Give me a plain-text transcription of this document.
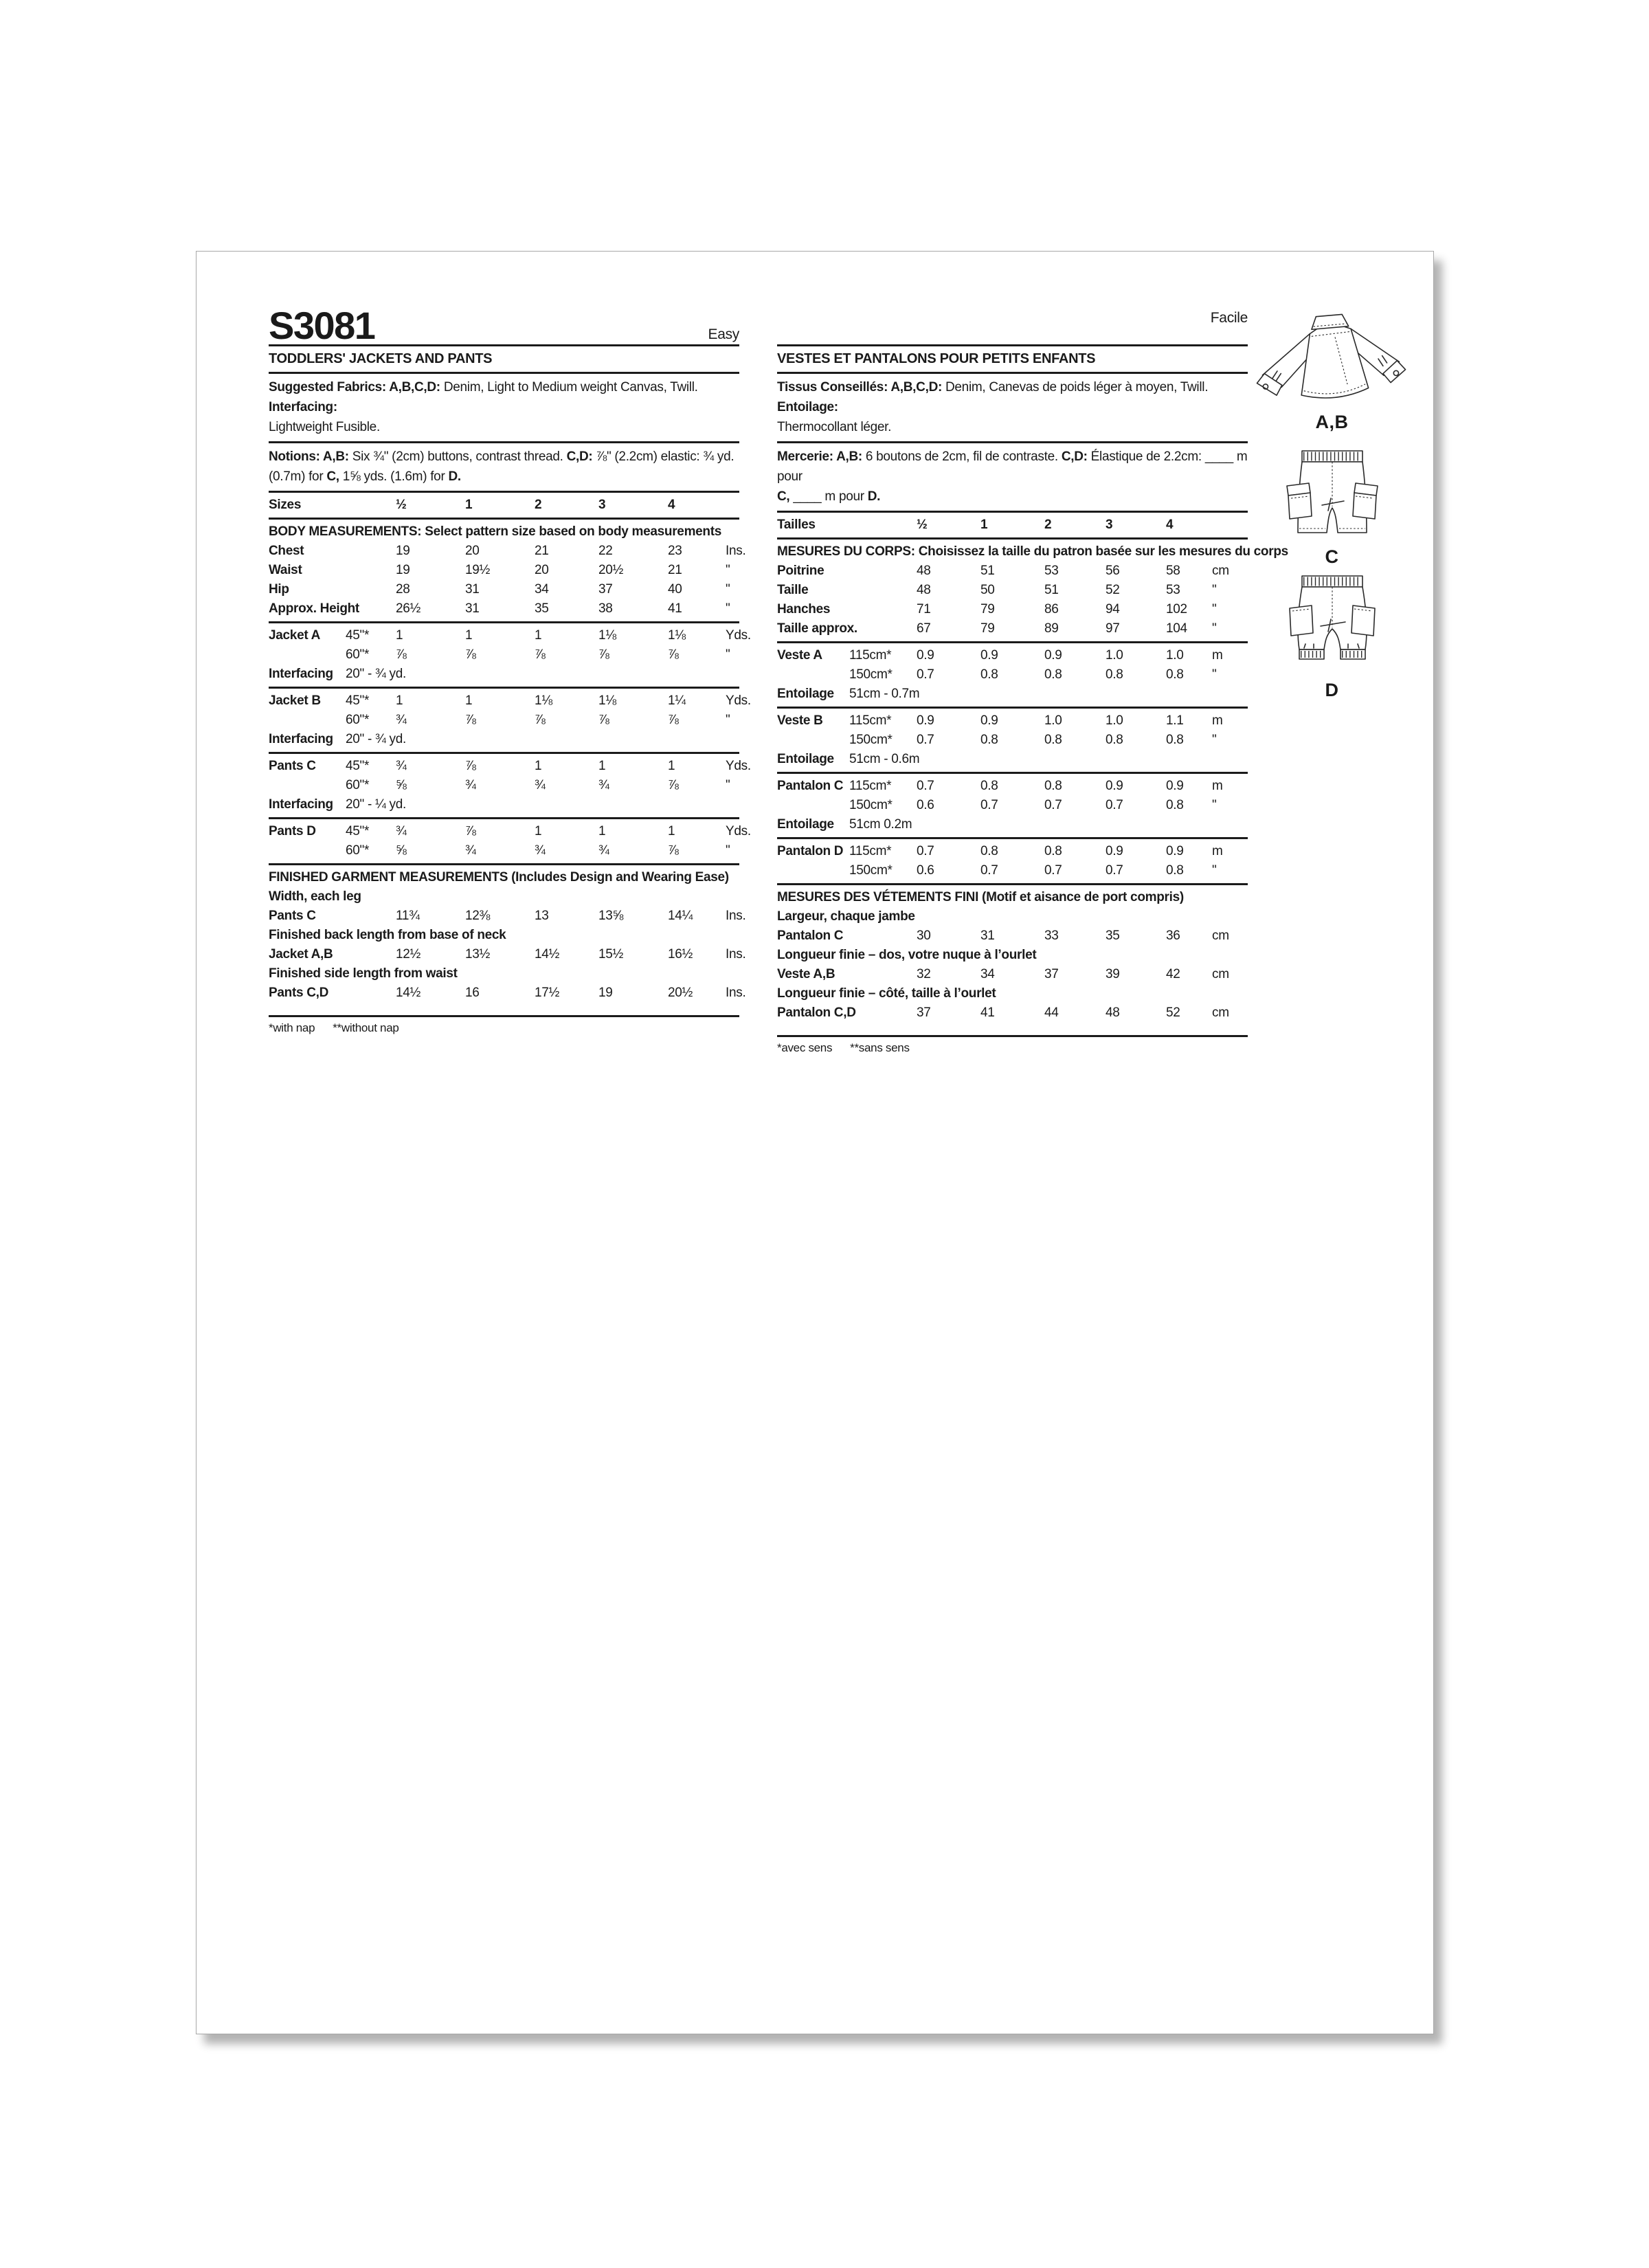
S3081	Easy
TODDLERS' JACKETS AND PANTS
Suggested Fabrics: A,B,C,D: Denim, Light to Medium weight Canvas, Twill. Interfacing:
Lightweight Fusible.
Notions: A,B: Six ¾" (2cm) buttons, contrast thread. C,D: ⅞" (2.2cm) elastic: ¾ yd.
(0.7m) for C, 1⅝ yds. (1.6m) for D.
Sizes	½	1	2	3	4
BODY MEASUREMENTS: Select pattern size based on body measurements
Chest	19	20	21	22	23	Ins.
Waist	19	19½	20	20½	21	"
Hip	28	31	34	37	40	"
Approx. Height	26½	31	35	38	41	"
Jacket A	45"*	1	1	1	1⅛	1⅛	Yds.
60"*	⅞	⅞	⅞	⅞	⅞	"
Interfacing 20" - ¾ yd.
Jacket B	45"*	1	1	1⅛	1⅛	1¼	Yds.
60"*	¾	⅞	⅞	⅞	⅞	"
Interfacing 20" - ¾ yd.
Pants C	45"*	¾	⅞	1	1	1	Yds.
60"*	⅝	¾	¾	¾	⅞	"
Interfacing 20" - ¼ yd.
Pants D	45"*	¾	⅞	1	1	1	Yds.
60"*	⅝	¾	¾	¾	⅞	"
FINISHED GARMENT MEASUREMENTS (Includes Design and Wearing Ease)
Width, each leg
Pants C	11¾	12⅜	13	13⅝	14¼	Ins.
Finished back length from base of neck
Jacket A,B	12½	13½	14½	15½	16½	Ins.
Finished side length from waist
Pants C,D	14½	16	17½	19	20½	Ins.
*with nap **without nap
Facile
VESTES ET PANTALONS POUR PETITS ENFANTS
Tissus Conseillés: A,B,C,D: Denim, Canevas de poids léger à moyen, Twill. Entoilage:
Thermocollant léger.
Mercerie: A,B: 6 boutons de 2cm, fil de contraste. C,D: Élastique de 2.2cm: ____ m pour
C, ____ m pour D.
Tailles	½	1	2	3	4
MESURES DU CORPS: Choisissez la taille du patron basée sur les mesures du corps
Poitrine	48	51	53	56	58	cm
Taille	48	50	51	52	53	"
Hanches	71	79	86	94	102	"
Taille approx.	67	79	89	97	104	"
Veste A	115cm*	0.9	0.9	0.9	1.0	1.0	m
150cm*	0.7	0.8	0.8	0.8	0.8	"
Entoilage	51cm - 0.7m
Veste B	115cm*	0.9	0.9	1.0	1.0	1.1	m
150cm*	0.7	0.8	0.8	0.8	0.8	"
Entoilage	51cm - 0.6m
Pantalon C 115cm*	0.7	0.8	0.8	0.9	0.9	m
150cm*	0.6	0.7	0.7	0.7	0.8	"
Entoilage	51cm 0.2m
Pantalon D 115cm*	0.7	0.8	0.8	0.9	0.9	m
150cm*	0.6	0.7	0.7	0.7	0.8	"
MESURES DES VÉTEMENTS FINI (Motif et aisance de port compris)
Largeur, chaque jambe
Pantalon C	30	31	33	35	36	cm
Longueur finie – dos, votre nuque à l’ourlet
Veste A,B	32	34	37	39	42	cm
Longueur finie – côté, taille à l’ourlet
Pantalon C,D	37	41	44	48	52	cm
*avec sens **sans sens
A,B
C
D
